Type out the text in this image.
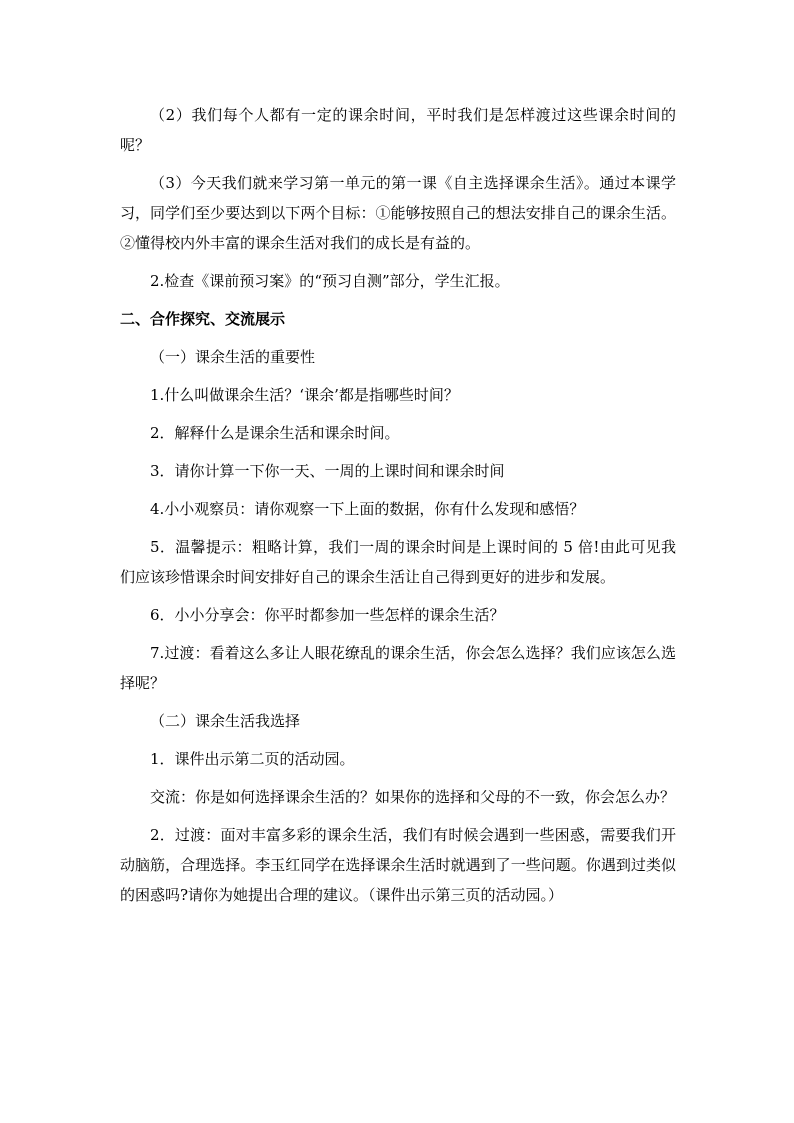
（2）我们每个人都有一定的课余时间，平时我们是怎样渡过这些课余时间的呢？

（3）今天我们就来学习第一单元的第一课《自主选择课余生活》。通过本课学习，同学们至少要达到以下两个目标：①能够按照自己的想法安排自己的课余生活。②懂得校内外丰富的课余生活对我们的成长是有益的。

2.检查《课前预习案》的“预习自测”部分，学生汇报。

二、合作探究、交流展示

（一）课余生活的重要性

1.什么叫做课余生活？‘课余’都是指哪些时间？

2．解释什么是课余生活和课余时间。

3．请你计算一下你一天、一周的上课时间和课余时间

4.小小观察员：请你观察一下上面的数据，你有什么发现和感悟？

5．温馨提示：粗略计算，我们一周的课余时间是上课时间的 5 倍!由此可见我们应该珍惜课余时间安排好自己的课余生活让自己得到更好的进步和发展。

6．小小分享会：你平时都参加一些怎样的课余生活？

7.过渡：看着这么多让人眼花缭乱的课余生活，你会怎么选择？我们应该怎么选择呢？

（二）课余生活我选择

1．课件出示第二页的活动园。

交流：你是如何选择课余生活的？如果你的选择和父母的不一致，你会怎么办？

2．过渡：面对丰富多彩的课余生活，我们有时候会遇到一些困惑，需要我们开动脑筋，合理选择。李玉红同学在选择课余生活时就遇到了一些问题。你遇到过类似的困惑吗?请你为她提出合理的建议。（课件出示第三页的活动园。）
